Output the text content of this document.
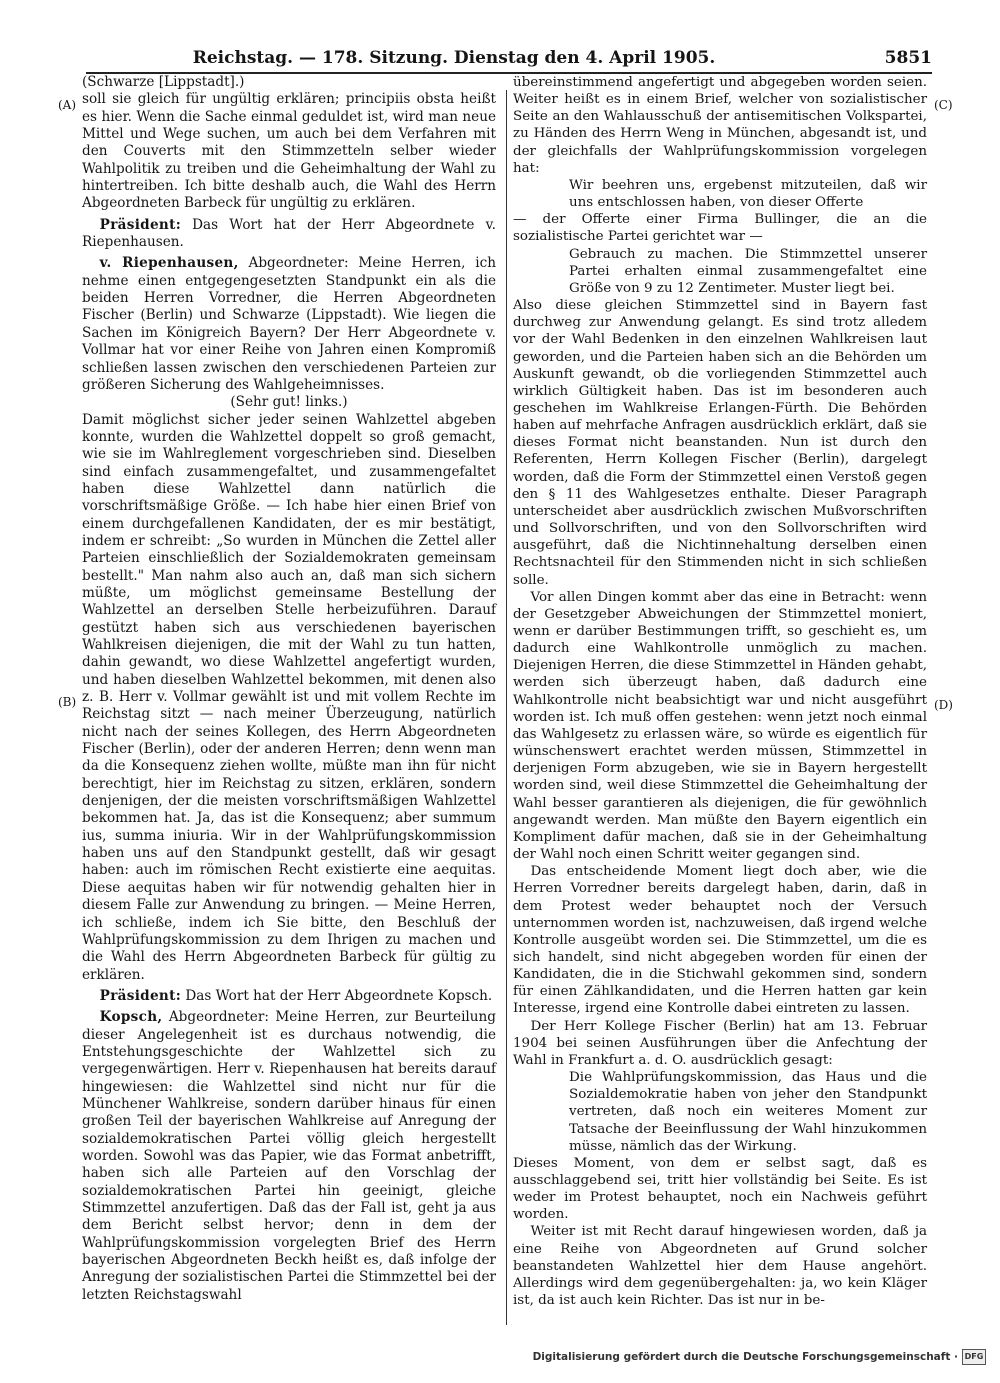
Reichstag. — 178. Sitzung. Dienstag den 4. April 1905.	5851
(A)
(B)
(C)
(D)

(Schwarze [Lippstadt].)

soll sie gleich für ungültig erklären; principiis obsta heißt es hier. Wenn die Sache einmal geduldet ist, wird man neue Mittel und Wege suchen, um auch bei dem Verfahren mit den Couverts mit den Stimmzetteln selber wieder Wahlpolitik zu treiben und die Geheimhaltung der Wahl zu hintertreiben. Ich bitte deshalb auch, die Wahl des Herrn Abgeordneten Barbeck für ungültig zu erklären.

Präsident: Das Wort hat der Herr Abgeordnete v. Riepenhausen.

v. Riepenhausen, Abgeordneter: Meine Herren, ich nehme einen entgegengesetzten Standpunkt ein als die beiden Herren Vorredner, die Herren Abgeordneten Fischer (Berlin) und Schwarze (Lippstadt). Wie liegen die Sachen im Königreich Bayern? Der Herr Abgeordnete v. Vollmar hat vor einer Reihe von Jahren einen Kompromiß schließen lassen zwischen den verschiedenen Parteien zur größeren Sicherung des Wahlgeheimnisses.

(Sehr gut! links.)

Damit möglichst sicher jeder seinen Wahlzettel abgeben konnte, wurden die Wahlzettel doppelt so groß gemacht, wie sie im Wahlreglement vorgeschrieben sind. Dieselben sind einfach zusammengefaltet, und zusammengefaltet haben diese Wahlzettel dann natürlich die vorschriftsmäßige Größe. — Ich habe hier einen Brief von einem durchgefallenen Kandidaten, der es mir bestätigt, indem er schreibt: „So wurden in München die Zettel aller Parteien einschließlich der Sozialdemokraten gemeinsam bestellt." Man nahm also auch an, daß man sich sichern müßte, um möglichst gemeinsame Bestellung der Wahlzettel an derselben Stelle herbeizuführen. Darauf gestützt haben sich aus verschiedenen bayerischen Wahlkreisen diejenigen, die mit der Wahl zu tun hatten, dahin gewandt, wo diese Wahlzettel angefertigt wurden, und haben dieselben Wahlzettel bekommen, mit denen also z. B. Herr v. Vollmar gewählt ist und mit vollem Rechte im Reichstag sitzt — nach meiner Überzeugung, natürlich nicht nach der seines Kollegen, des Herrn Abgeordneten Fischer (Berlin), oder der anderen Herren; denn wenn man da die Konsequenz ziehen wollte, müßte man ihn für nicht berechtigt, hier im Reichstag zu sitzen, erklären, sondern denjenigen, der die meisten vorschriftsmäßigen Wahlzettel bekommen hat. Ja, das ist die Konsequenz; aber summum ius, summa iniuria. Wir in der Wahlprüfungskommission haben uns auf den Standpunkt gestellt, daß wir gesagt haben: auch im römischen Recht existierte eine aequitas. Diese aequitas haben wir für notwendig gehalten hier in diesem Falle zur Anwendung zu bringen. — Meine Herren, ich schließe, indem ich Sie bitte, den Beschluß der Wahlprüfungskommission zu dem Ihrigen zu machen und die Wahl des Herrn Abgeordneten Barbeck für gültig zu erklären.

Präsident: Das Wort hat der Herr Abgeordnete Kopsch.

Kopsch, Abgeordneter: Meine Herren, zur Beurteilung dieser Angelegenheit ist es durchaus notwendig, die Entstehungsgeschichte der Wahlzettel sich zu vergegenwärtigen. Herr v. Riepenhausen hat bereits darauf hingewiesen: die Wahlzettel sind nicht nur für die Münchener Wahlkreise, sondern darüber hinaus für einen großen Teil der bayerischen Wahlkreise auf Anregung der sozialdemokratischen Partei völlig gleich hergestellt worden. Sowohl was das Papier, wie das Format anbetrifft, haben sich alle Parteien auf den Vorschlag der sozialdemokratischen Partei hin geeinigt, gleiche Stimmzettel anzufertigen. Daß das der Fall ist, geht ja aus dem Bericht selbst hervor; denn in dem der Wahlprüfungskommission vorgelegten Brief des Herrn bayerischen Abgeordneten Beckh heißt es, daß infolge der Anregung der sozialistischen Partei die Stimmzettel bei der letzten Reichstagswahl

übereinstimmend angefertigt und abgegeben worden seien. Weiter heißt es in einem Brief, welcher von sozialistischer Seite an den Wahlausschuß der antisemitischen Volkspartei, zu Händen des Herrn Weng in München, abgesandt ist, und der gleichfalls der Wahlprüfungskommission vorgelegen hat:

Wir beehren uns, ergebenst mitzuteilen, daß wir uns entschlossen haben, von dieser Offerte

— der Offerte einer Firma Bullinger, die an die sozialistische Partei gerichtet war —

Gebrauch zu machen. Die Stimmzettel unserer Partei erhalten einmal zusammengefaltet eine Größe von 9 zu 12 Zentimeter. Muster liegt bei.

Also diese gleichen Stimmzettel sind in Bayern fast durchweg zur Anwendung gelangt. Es sind trotz alledem vor der Wahl Bedenken in den einzelnen Wahlkreisen laut geworden, und die Parteien haben sich an die Behörden um Auskunft gewandt, ob die vorliegenden Stimmzettel auch wirklich Gültigkeit haben. Das ist im besonderen auch geschehen im Wahlkreise Erlangen-Fürth. Die Behörden haben auf mehrfache Anfragen ausdrücklich erklärt, daß sie dieses Format nicht beanstanden. Nun ist durch den Referenten, Herrn Kollegen Fischer (Berlin), dargelegt worden, daß die Form der Stimmzettel einen Verstoß gegen den § 11 des Wahlgesetzes enthalte. Dieser Paragraph unterscheidet aber ausdrücklich zwischen Mußvorschriften und Sollvorschriften, und von den Sollvorschriften wird ausgeführt, daß die Nichtinnehaltung derselben einen Rechtsnachteil für den Stimmenden nicht in sich schließen solle.

Vor allen Dingen kommt aber das eine in Betracht: wenn der Gesetzgeber Abweichungen der Stimmzettel moniert, wenn er darüber Bestimmungen trifft, so geschieht es, um dadurch eine Wahlkontrolle unmöglich zu machen. Diejenigen Herren, die diese Stimmzettel in Händen gehabt, werden sich überzeugt haben, daß dadurch eine Wahlkontrolle nicht beabsichtigt war und nicht ausgeführt worden ist. Ich muß offen gestehen: wenn jetzt noch einmal das Wahlgesetz zu erlassen wäre, so würde es eigentlich für wünschenswert erachtet werden müssen, Stimmzettel in derjenigen Form abzugeben, wie sie in Bayern hergestellt worden sind, weil diese Stimmzettel die Geheimhaltung der Wahl besser garantieren als diejenigen, die für gewöhnlich angewandt werden. Man müßte den Bayern eigentlich ein Kompliment dafür machen, daß sie in der Geheimhaltung der Wahl noch einen Schritt weiter gegangen sind.

Das entscheidende Moment liegt doch aber, wie die Herren Vorredner bereits dargelegt haben, darin, daß in dem Protest weder behauptet noch der Versuch unternommen worden ist, nachzuweisen, daß irgend welche Kontrolle ausgeübt worden sei. Die Stimmzettel, um die es sich handelt, sind nicht abgegeben worden für einen der Kandidaten, die in die Stichwahl gekommen sind, sondern für einen Zählkandidaten, und die Herren hatten gar kein Interesse, irgend eine Kontrolle dabei eintreten zu lassen.

Der Herr Kollege Fischer (Berlin) hat am 13. Februar 1904 bei seinen Ausführungen über die Anfechtung der Wahl in Frankfurt a. d. O. ausdrücklich gesagt:

Die Wahlprüfungskommission, das Haus und die Sozialdemokratie haben von jeher den Standpunkt vertreten, daß noch ein weiteres Moment zur Tatsache der Beeinflussung der Wahl hinzukommen müsse, nämlich das der Wirkung.

Dieses Moment, von dem er selbst sagt, daß es ausschlaggebend sei, tritt hier vollständig bei Seite. Es ist weder im Protest behauptet, noch ein Nachweis geführt worden.

Weiter ist mit Recht darauf hingewiesen worden, daß ja eine Reihe von Abgeordneten auf Grund solcher beanstandeten Wahlzettel hier dem Hause angehört. Allerdings wird dem gegenübergehalten: ja, wo kein Kläger ist, da ist auch kein Richter. Das ist nur in be-

Digitalisierung gefördert durch die Deutsche Forschungsgemeinschaft · DFG
